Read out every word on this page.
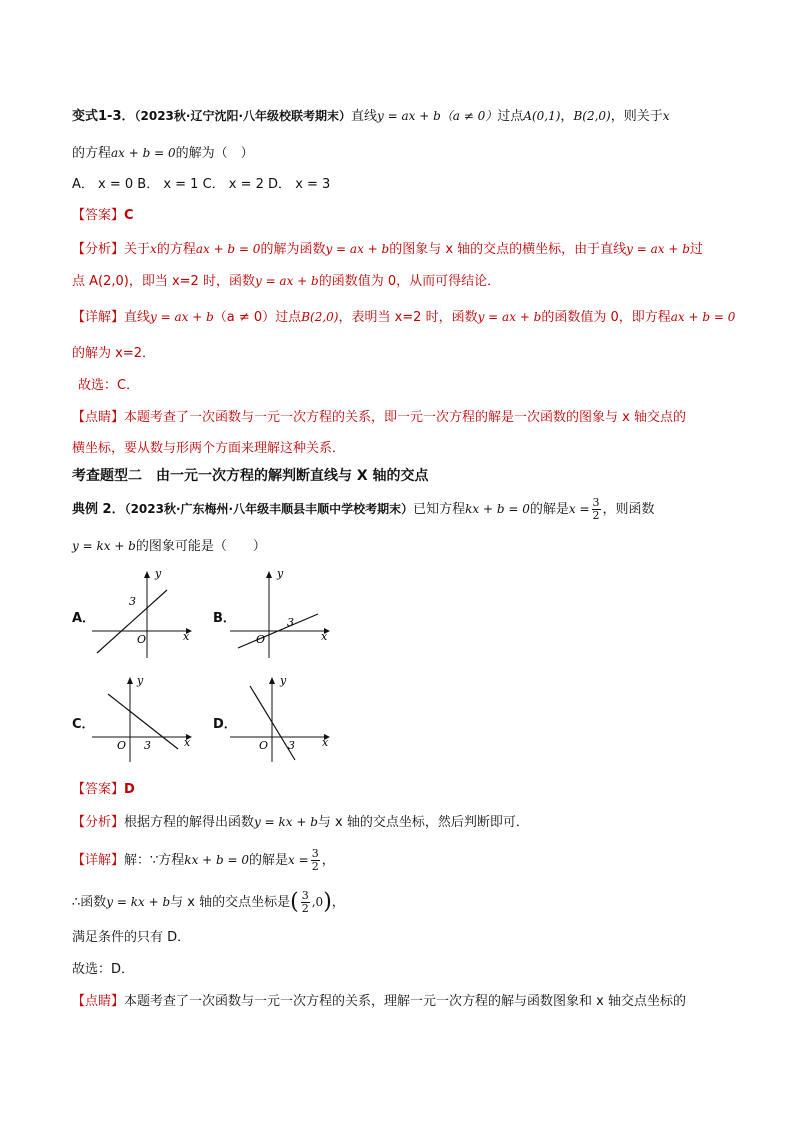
变式1-3．（2023秋·辽宁沈阳·八年级校联考期末）直线y = ax + b（a ≠ 0）过点A(0,1)，B(2,0)，则关于x
的方程ax + b = 0的解为（　）
A． x = 0 B． x = 1 C． x = 2 D． x = 3
【答案】C
【分析】关于x的方程ax + b = 0的解为函数y = ax + b的图象与 x 轴的交点的横坐标，由于直线y = ax + b过
点 A(2,0)，即当 x=2 时，函数y = ax + b的函数值为 0，从而可得结论．
【详解】直线y = ax + b（a ≠ 0）过点B(2,0)，表明当 x=2 时，函数y = ax + b的函数值为 0，即方程ax + b = 0
的解为 x=2．
故选：C．
【点睛】本题考查了一次函数与一元一次方程的关系，即一元一次方程的解是一次函数的图象与 x 轴交点的
横坐标，要从数与形两个方面来理解这种关系．
考查题型二　由一元一次方程的解判断直线与 X 轴的交点
典例 2．（2023秋·广东梅州·八年级丰顺县丰顺中学校考期末）已知方程kx + b = 0的解是$x = \frac{3}{2}$ ，则函数
y = kx + b的图象可能是（　　）
A．
y
x
O
3
B．
y
x
O
3
C．
y
x
O 3
D．
y
x
O 3
【答案】D
【分析】根据方程的解得出函数y = kx + b与 x 轴的交点坐标，然后判断即可．
【详解】解：∵方程kx + b = 0的解是$x = \frac{3}{2}$ ，
∴函数y = kx + b与 x 轴的交点坐标是( $\frac{3}{2} ,0$)，
满足条件的只有 D．
故选：D．
【点睛】本题考查了一次函数与一元一次方程的关系，理解一元一次方程的解与函数图象和 x 轴交点坐标的
